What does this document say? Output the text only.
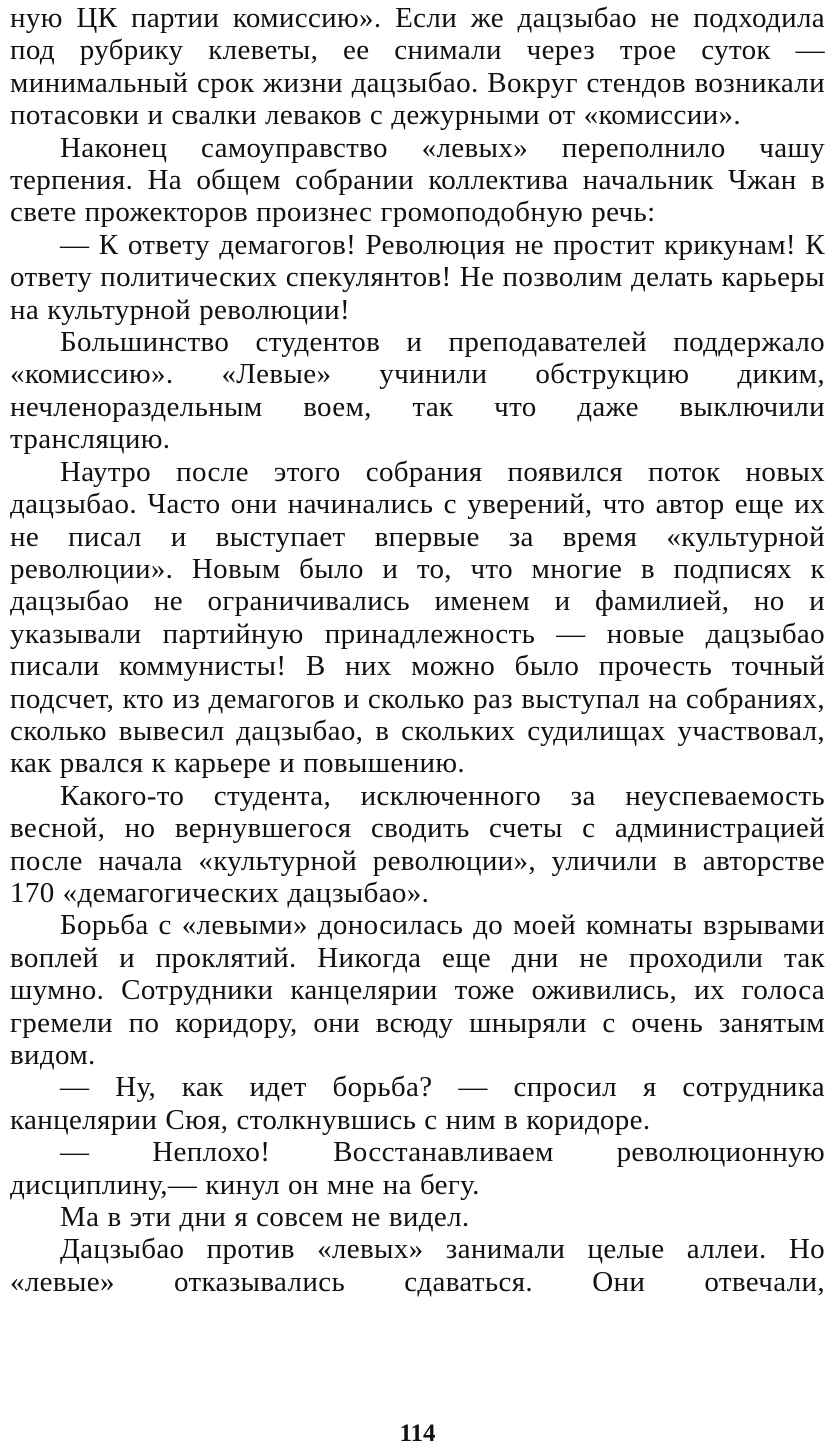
ную ЦК партии комиссию». Если же дацзыбао не подходила под рубрику клеветы, ее снимали через трое суток — минимальный срок жизни дацзыбао. Вокруг стендов возникали потасовки и свалки леваков с дежурными от «комиссии».

Наконец самоуправство «левых» переполнило чашу терпения. На общем собрании коллектива начальник Чжан в свете прожекторов произнес громоподобную речь:

— К ответу демагогов! Революция не простит крикунам! К ответу политических спекулянтов! Не позволим делать карьеры на культурной революции!

Большинство студентов и преподавателей поддержало «комиссию». «Левые» учинили обструкцию диким, нечленораздельным воем, так что даже выключили трансляцию.

Наутро после этого собрания появился поток новых дацзыбао. Часто они начинались с уверений, что автор еще их не писал и выступает впервые за время «культурной революции». Новым было и то, что многие в подписях к дацзыбао не ограничивались именем и фамилией, но и указывали партийную принадлежность — новые дацзыбао писали коммунисты! В них можно было прочесть точный подсчет, кто из демагогов и сколько раз выступал на собраниях, сколько вывесил дацзыбао, в скольких судилищах участвовал, как рвался к карьере и повышению.

Какого-то студента, исключенного за неуспеваемость весной, но вернувшегося сводить счеты с администрацией после начала «культурной революции», уличили в авторстве 170 «демагогических дацзыбао».

Борьба с «левыми» доносилась до моей комнаты взрывами воплей и проклятий. Никогда еще дни не проходили так шумно. Сотрудники канцелярии тоже оживились, их голоса гремели по коридору, они всюду шныряли с очень занятым видом.

— Ну, как идет борьба? — спросил я сотрудника канцелярии Сюя, столкнувшись с ним в коридоре.

— Неплохо! Восстанавливаем революционную дисциплину,— кинул он мне на бегу.

Ма в эти дни я совсем не видел.

Дацзыбао против «левых» занимали целые аллеи. Но «левые» отказывались сдаваться. Они отвечали,

114
